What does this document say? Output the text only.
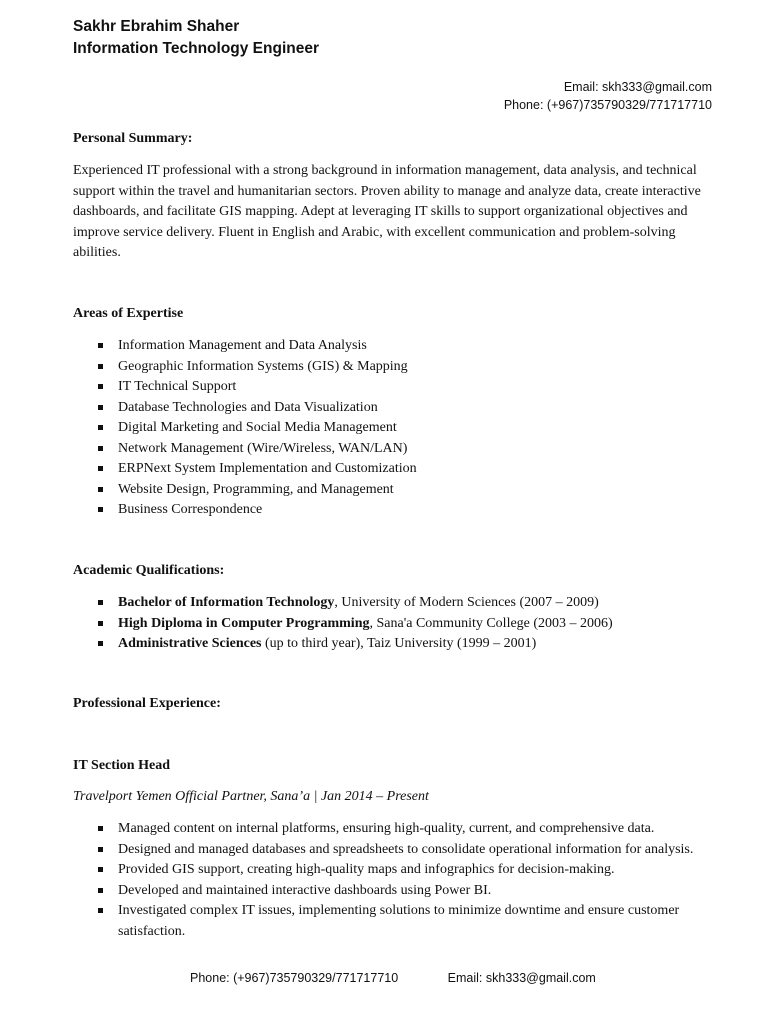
Sakhr Ebrahim Shaher
Information Technology Engineer
Email: skh333@gmail.com
Phone: (+967)735790329/771717710
Personal Summary:
Experienced IT professional with a strong background in information management, data analysis, and technical support within the travel and humanitarian sectors. Proven ability to manage and analyze data, create interactive dashboards, and facilitate GIS mapping. Adept at leveraging IT skills to support organizational objectives and improve service delivery. Fluent in English and Arabic, with excellent communication and problem-solving abilities.
Areas of Expertise
Information Management and Data Analysis
Geographic Information Systems (GIS) & Mapping
IT Technical Support
Database Technologies and Data Visualization
Digital Marketing and Social Media Management
Network Management (Wire/Wireless, WAN/LAN)
ERPNext System Implementation and Customization
Website Design, Programming, and Management
Business Correspondence
Academic Qualifications:
Bachelor of Information Technology, University of Modern Sciences (2007 – 2009)
High Diploma in Computer Programming, Sana'a Community College (2003 – 2006)
Administrative Sciences (up to third year), Taiz University (1999 – 2001)
Professional Experience:
IT Section Head
Travelport Yemen Official Partner, Sana’a | Jan 2014 – Present
Managed content on internal platforms, ensuring high-quality, current, and comprehensive data.
Designed and managed databases and spreadsheets to consolidate operational information for analysis.
Provided GIS support, creating high-quality maps and infographics for decision-making.
Developed and maintained interactive dashboards using Power BI.
Investigated complex IT issues, implementing solutions to minimize downtime and ensure customer satisfaction.
Phone: (+967)735790329/771717710	Email: skh333@gmail.com
